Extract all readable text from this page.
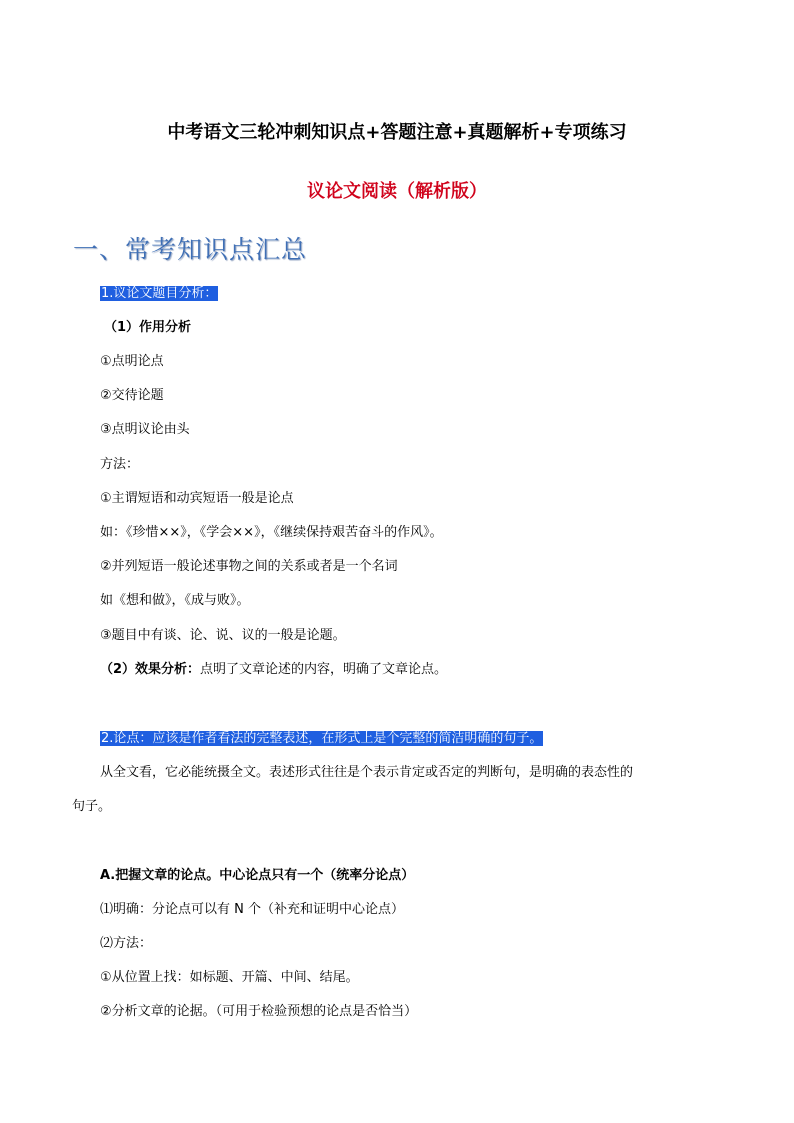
中考语文三轮冲刺知识点+答题注意+真题解析+专项练习
议论文阅读（解析版）
一、常考知识点汇总
1.议论文题目分析：
（1）作用分析
①点明论点
②交待论题
③点明议论由头
方法：
①主谓短语和动宾短语一般是论点
如：《珍惜××》，《学会××》，《继续保持艰苦奋斗的作风》。
②并列短语一般论述事物之间的关系或者是一个名词
如《想和做》，《成与败》。
③题目中有谈、论、说、议的一般是论题。
（2）效果分析：点明了文章论述的内容，明确了文章论点。
2.论点：应该是作者看法的完整表述，在形式上是个完整的简洁明确的句子。
从全文看，它必能统摄全文。表述形式往往是个表示肯定或否定的判断句，是明确的表态性的
句子。
A.把握文章的论点。中心论点只有一个（统率分论点）
⑴明确：分论点可以有 N 个（补充和证明中心论点）
⑵方法：
①从位置上找：如标题、开篇、中间、结尾。
②分析文章的论据。（可用于检验预想的论点是否恰当）
